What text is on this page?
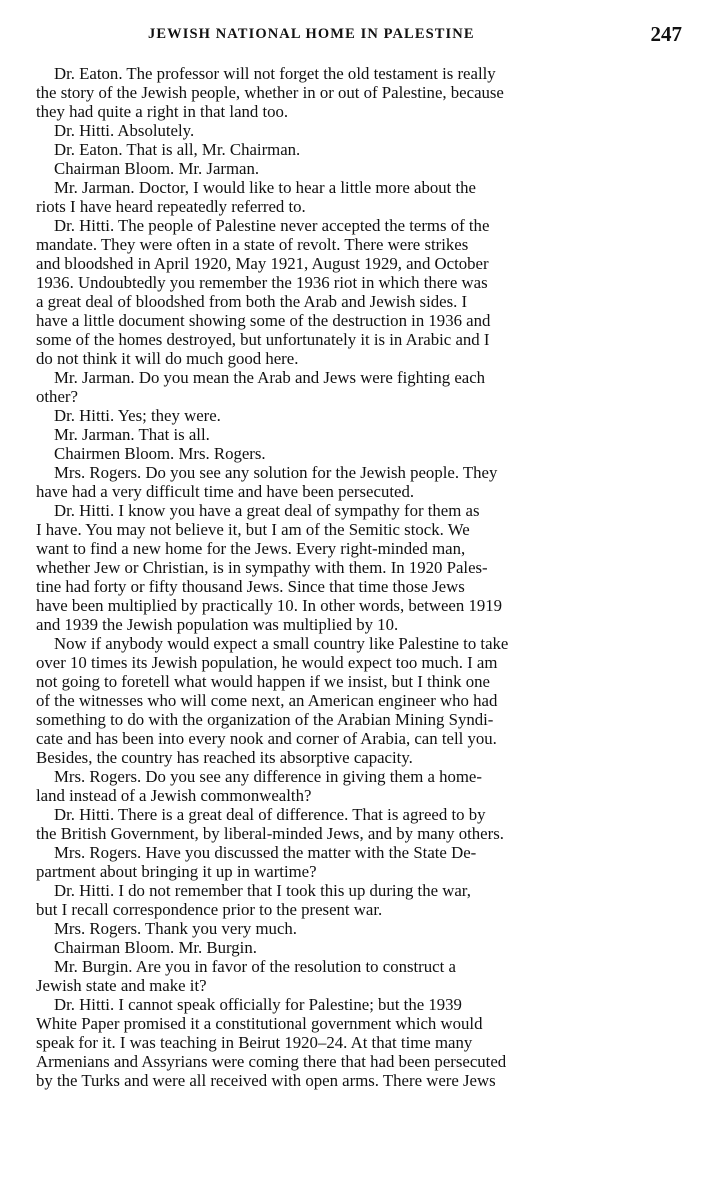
JEWISH NATIONAL HOME IN PALESTINE	247
Dr. Eaton. The professor will not forget the old testament is really
the story of the Jewish people, whether in or out of Palestine, because
they had quite a right in that land too.
Dr. Hitti. Absolutely.
Dr. Eaton. That is all, Mr. Chairman.
Chairman Bloom. Mr. Jarman.
Mr. Jarman. Doctor, I would like to hear a little more about the
riots I have heard repeatedly referred to.
Dr. Hitti. The people of Palestine never accepted the terms of the
mandate. They were often in a state of revolt. There were strikes
and bloodshed in April 1920, May 1921, August 1929, and October
1936. Undoubtedly you remember the 1936 riot in which there was
a great deal of bloodshed from both the Arab and Jewish sides. I
have a little document showing some of the destruction in 1936 and
some of the homes destroyed, but unfortunately it is in Arabic and I
do not think it will do much good here.
Mr. Jarman. Do you mean the Arab and Jews were fighting each
other?
Dr. Hitti. Yes; they were.
Mr. Jarman. That is all.
Chairmen Bloom. Mrs. Rogers.
Mrs. Rogers. Do you see any solution for the Jewish people. They
have had a very difficult time and have been persecuted.
Dr. Hitti. I know you have a great deal of sympathy for them as
I have. You may not believe it, but I am of the Semitic stock. We
want to find a new home for the Jews. Every right-minded man,
whether Jew or Christian, is in sympathy with them. In 1920 Pales-
tine had forty or fifty thousand Jews. Since that time those Jews
have been multiplied by practically 10. In other words, between 1919
and 1939 the Jewish population was multiplied by 10.
Now if anybody would expect a small country like Palestine to take
over 10 times its Jewish population, he would expect too much. I am
not going to foretell what would happen if we insist, but I think one
of the witnesses who will come next, an American engineer who had
something to do with the organization of the Arabian Mining Syndi-
cate and has been into every nook and corner of Arabia, can tell you.
Besides, the country has reached its absorptive capacity.
Mrs. Rogers. Do you see any difference in giving them a home-
land instead of a Jewish commonwealth?
Dr. Hitti. There is a great deal of difference. That is agreed to by
the British Government, by liberal-minded Jews, and by many others.
Mrs. Rogers. Have you discussed the matter with the State De-
partment about bringing it up in wartime?
Dr. Hitti. I do not remember that I took this up during the war,
but I recall correspondence prior to the present war.
Mrs. Rogers. Thank you very much.
Chairman Bloom. Mr. Burgin.
Mr. Burgin. Are you in favor of the resolution to construct a
Jewish state and make it?
Dr. Hitti. I cannot speak officially for Palestine; but the 1939
White Paper promised it a constitutional government which would
speak for it. I was teaching in Beirut 1920–24. At that time many
Armenians and Assyrians were coming there that had been persecuted
by the Turks and were all received with open arms. There were Jews
